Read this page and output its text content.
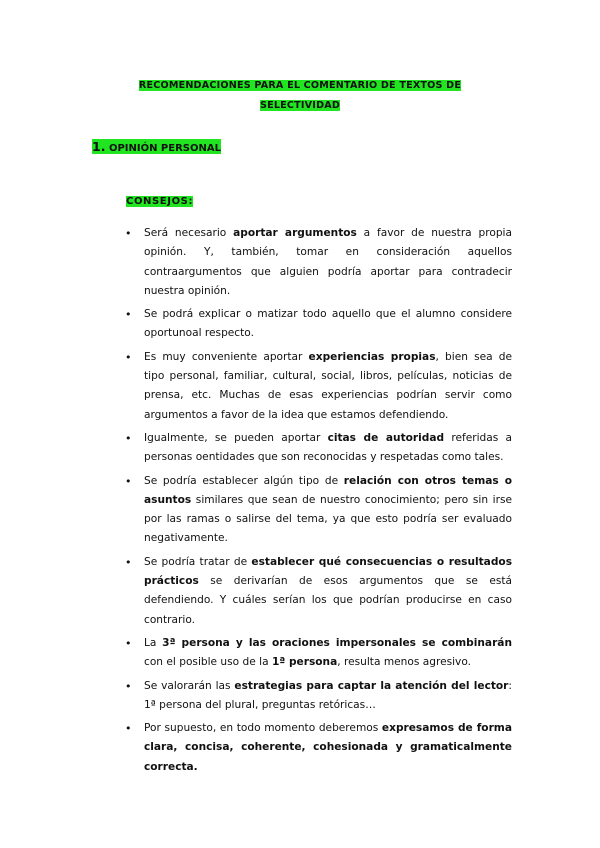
RECOMENDACIONES PARA EL COMENTARIO DE TEXTOS DE
SELECTIVIDAD
1. OPINIÓN PERSONAL
CONSEJOS:
• Será necesario aportar argumentos a favor de nuestra propia opinión. Y, también, tomar en consideración aquellos contraargumentos que alguien podría aportar para contradecir nuestra opinión.
• Se podrá explicar o matizar todo aquello que el alumno considere oportunoal respecto.
• Es muy conveniente aportar experiencias propias, bien sea de tipo personal, familiar, cultural, social, libros, películas, noticias de prensa, etc. Muchas de esas experiencias podrían servir como argumentos a favor de la idea que estamos defendiendo.
• Igualmente, se pueden aportar citas de autoridad referidas a personas oentidades que son reconocidas y respetadas como tales.
• Se podría establecer algún tipo de relación con otros temas o asuntos similares que sean de nuestro conocimiento; pero sin irse por las ramas o salirse del tema, ya que esto podría ser evaluado negativamente.
• Se podría tratar de establecer qué consecuencias o resultados prácticos se derivarían de esos argumentos que se está defendiendo. Y cuáles serían los que podrían producirse en caso contrario.
• La 3ª persona y las oraciones impersonales se combinarán con el posible uso de la 1ª persona, resulta menos agresivo.
• Se valorarán las estrategias para captar la atención del lector: 1ª persona del plural, preguntas retóricas…
• Por supuesto, en todo momento deberemos expresamos de forma clara, concisa, coherente, cohesionada y gramaticalmente correcta.
